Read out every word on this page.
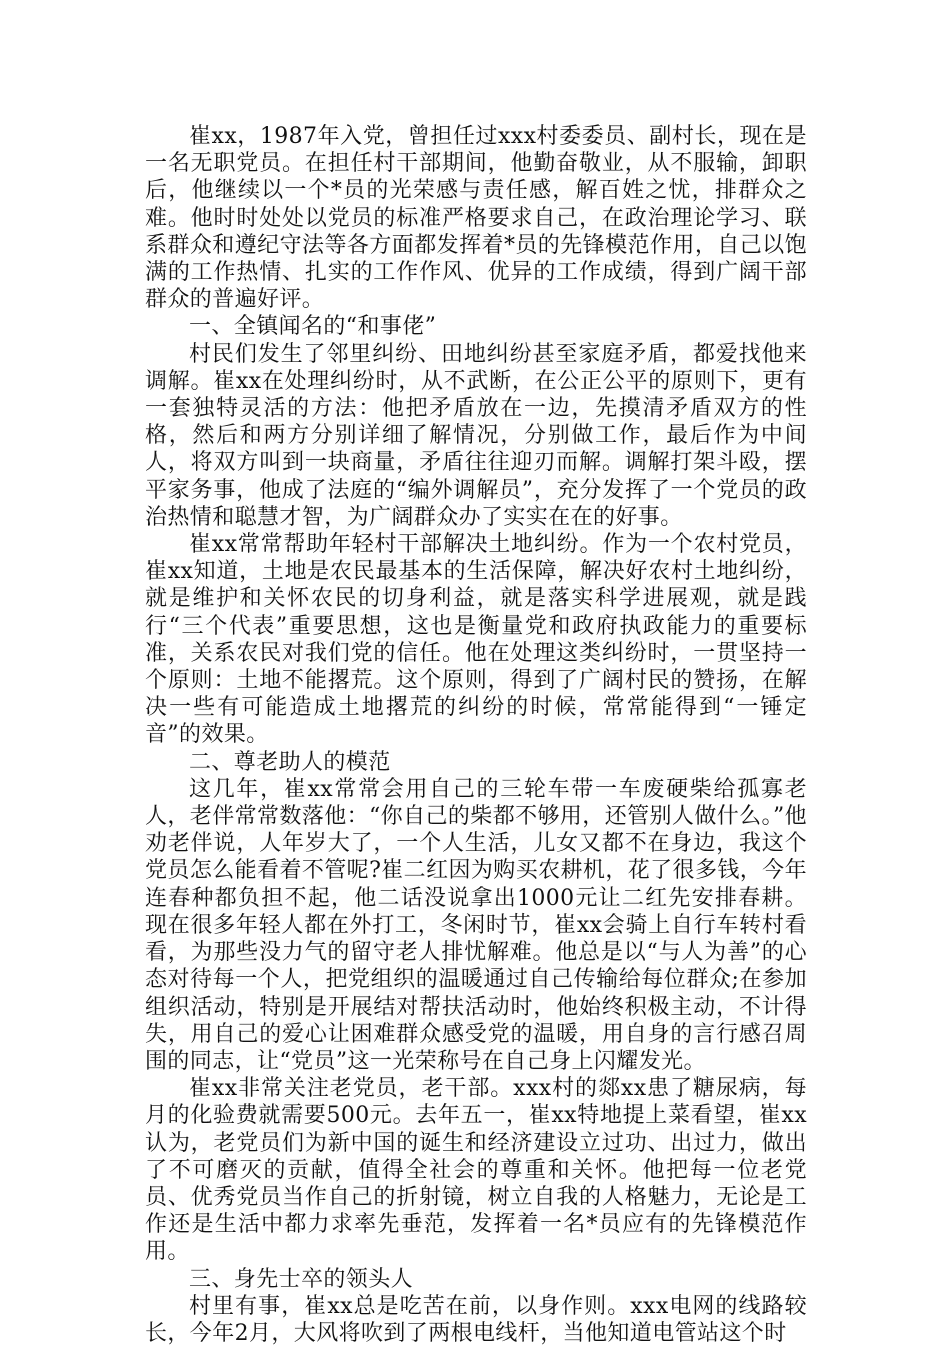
崔xx，1987年入党，曾担任过xxx村委委员、副村长，现在是一名无职党员。在担任村干部期间，他勤奋敬业，从不服输，卸职后，他继续以一个*员的光荣感与责任感，解百姓之忧，排群众之难。他时时处处以党员的标准严格要求自己，在政治理论学习、联系群众和遵纪守法等各方面都发挥着*员的先锋模范作用，自己以饱满的工作热情、扎实的工作作风、优异的工作成绩，得到广阔干部群众的普遍好评。

一、全镇闻名的“和事佬”

村民们发生了邻里纠纷、田地纠纷甚至家庭矛盾，都爱找他来调解。崔xx在处理纠纷时，从不武断，在公正公平的原则下，更有一套独特灵活的方法：他把矛盾放在一边，先摸清矛盾双方的性格，然后和两方分别详细了解情况，分别做工作，最后作为中间人，将双方叫到一块商量，矛盾往往迎刃而解。调解打架斗殴，摆平家务事，他成了法庭的“编外调解员”，充分发挥了一个党员的政治热情和聪慧才智，为广阔群众办了实实在在的好事。

崔xx常常帮助年轻村干部解决土地纠纷。作为一个农村党员，崔xx知道，土地是农民最基本的生活保障，解决好农村土地纠纷，就是维护和关怀农民的切身利益，就是落实科学进展观，就是践行“三个代表”重要思想，这也是衡量党和政府执政能力的重要标准，关系农民对我们党的信任。他在处理这类纠纷时，一贯坚持一个原则：土地不能撂荒。这个原则，得到了广阔村民的赞扬，在解决一些有可能造成土地撂荒的纠纷的时候，常常能得到“一锤定音”的效果。

二、尊老助人的模范

这几年，崔xx常常会用自己的三轮车带一车废硬柴给孤寡老人，老伴常常数落他：“你自己的柴都不够用，还管别人做什么。”他劝老伴说，人年岁大了，一个人生活，儿女又都不在身边，我这个党员怎么能看着不管呢?崔二红因为购买农耕机，花了很多钱，今年连春种都负担不起，他二话没说拿出1000元让二红先安排春耕。现在很多年轻人都在外打工，冬闲时节，崔xx会骑上自行车转村看看，为那些没力气的留守老人排忧解难。他总是以“与人为善”的心态对待每一个人，把党组织的温暖通过自己传输给每位群众;在参加组织活动，特别是开展结对帮扶活动时，他始终积极主动，不计得失，用自己的爱心让困难群众感受党的温暖，用自身的言行感召周围的同志，让“党员”这一光荣称号在自己身上闪耀发光。

崔xx非常关注老党员，老干部。xxx村的郯xx患了糖尿病，每月的化验费就需要500元。去年五一，崔xx特地提上菜看望，崔xx认为，老党员们为新中国的诞生和经济建设立过功、出过力，做出了不可磨灭的贡献，值得全社会的尊重和关怀。他把每一位老党员、优秀党员当作自己的折射镜，树立自我的人格魅力，无论是工作还是生活中都力求率先垂范，发挥着一名*员应有的先锋模范作用。

三、身先士卒的领头人

村里有事，崔xx总是吃苦在前，以身作则。xxx电网的线路较长，今年2月，大风将吹到了两根电线杆，当他知道电管站这个时
